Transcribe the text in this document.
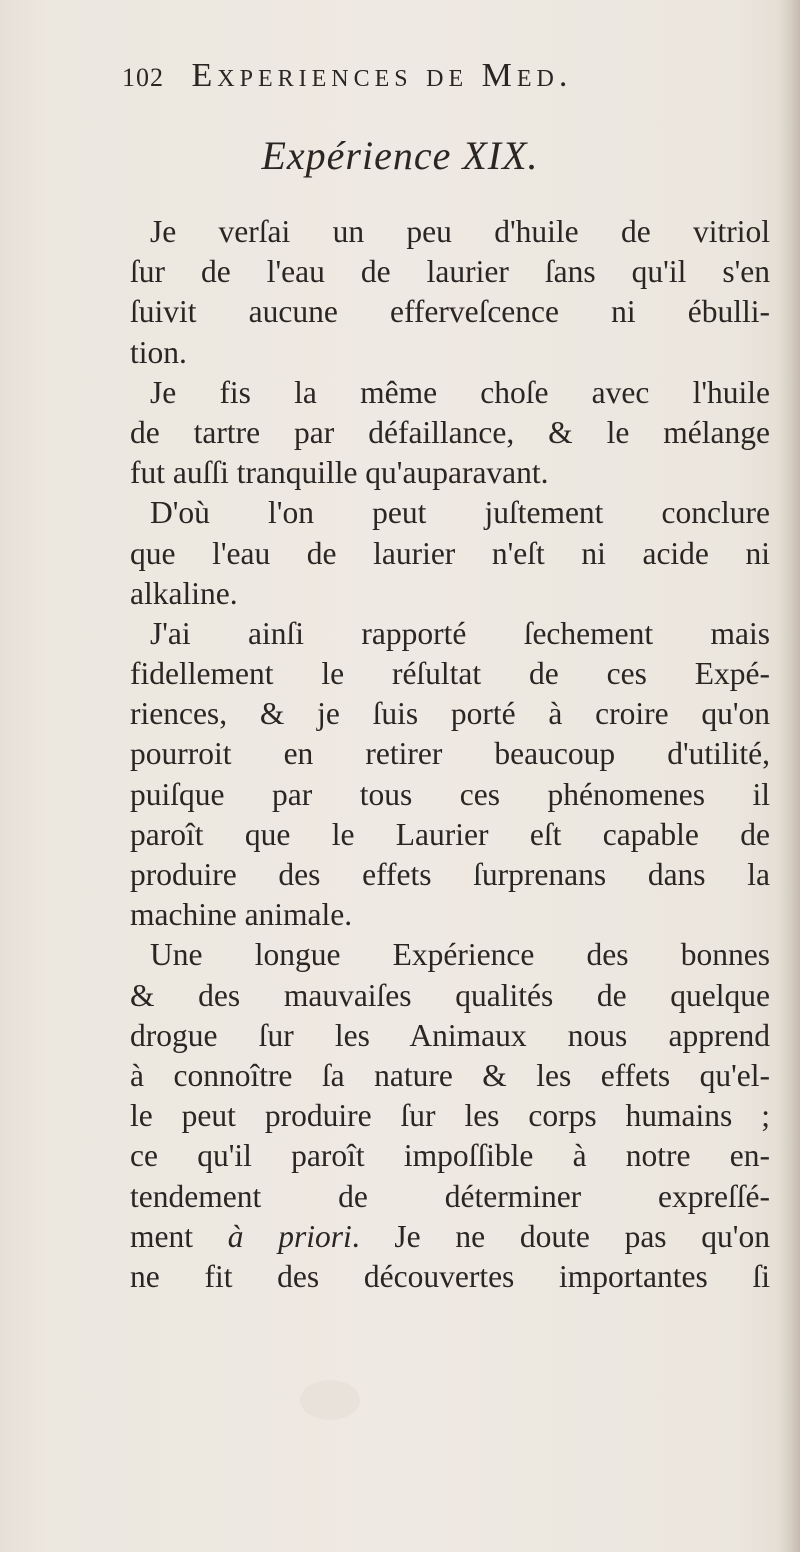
102 Experiences de Med.
Expérience XIX.
Je verſai un peu d'huile de vitriol
ſur de l'eau de laurier ſans qu'il s'en
ſuivit aucune efferveſcence ni ébulli-
tion.
Je fis la même choſe avec l'huile
de tartre par défaillance, & le mélange
fut auſſi tranquille qu'auparavant.
D'où l'on peut juſtement conclure
que l'eau de laurier n'eſt ni acide ni
alkaline.
J'ai ainſi rapporté ſechement mais
fidellement le réſultat de ces Expé-
riences, & je ſuis porté à croire qu'on
pourroit en retirer beaucoup d'utilité,
puiſque par tous ces phénomenes il
paroît que le Laurier eſt capable de
produire des effets ſurprenans dans la
machine animale.
Une longue Expérience des bonnes
& des mauvaiſes qualités de quelque
drogue ſur les Animaux nous apprend
à connoître ſa nature & les effets qu'el-
le peut produire ſur les corps humains ;
ce qu'il paroît impoſſible à notre en-
tendement de déterminer expreſſé-
ment à priori. Je ne doute pas qu'on
ne fit des découvertes importantes ſi
